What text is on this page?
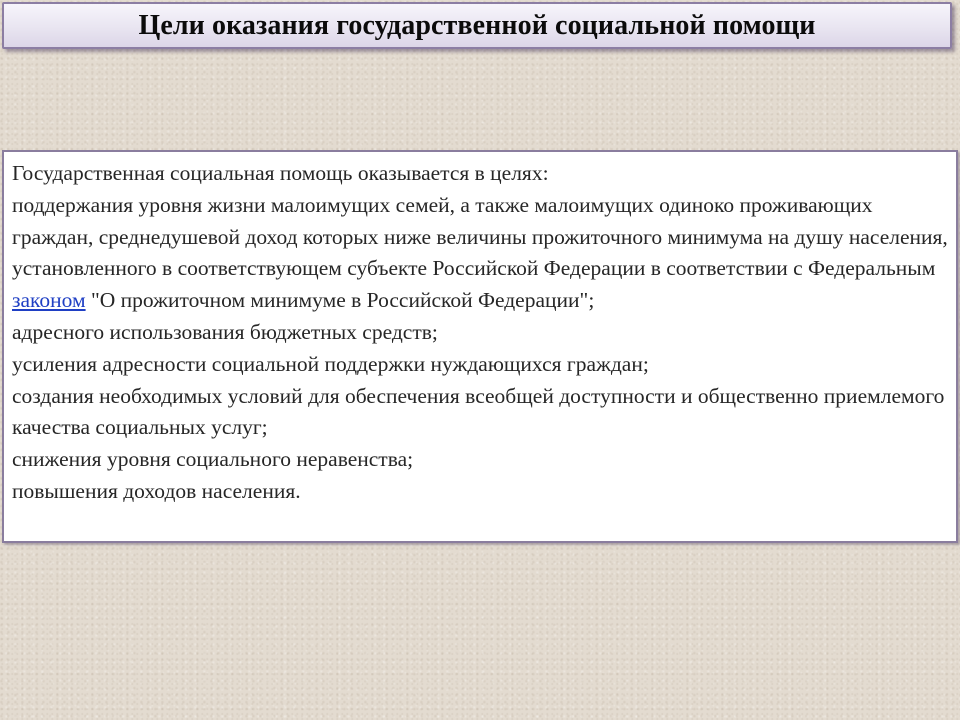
Цели оказания государственной социальной помощи

Государственная социальная помощь оказывается в целях:

поддержания уровня жизни малоимущих семей, а также малоимущих одиноко проживающих граждан, среднедушевой доход которых ниже величины прожиточного минимума на душу населения, установленного в соответствующем субъекте Российской Федерации в соответствии с Федеральным законом "О прожиточном минимуме в Российской Федерации";

адресного использования бюджетных средств;

усиления адресности социальной поддержки нуждающихся граждан;

создания необходимых условий для обеспечения всеобщей доступности и общественно приемлемого качества социальных услуг;

снижения уровня социального неравенства;

повышения доходов населения.
